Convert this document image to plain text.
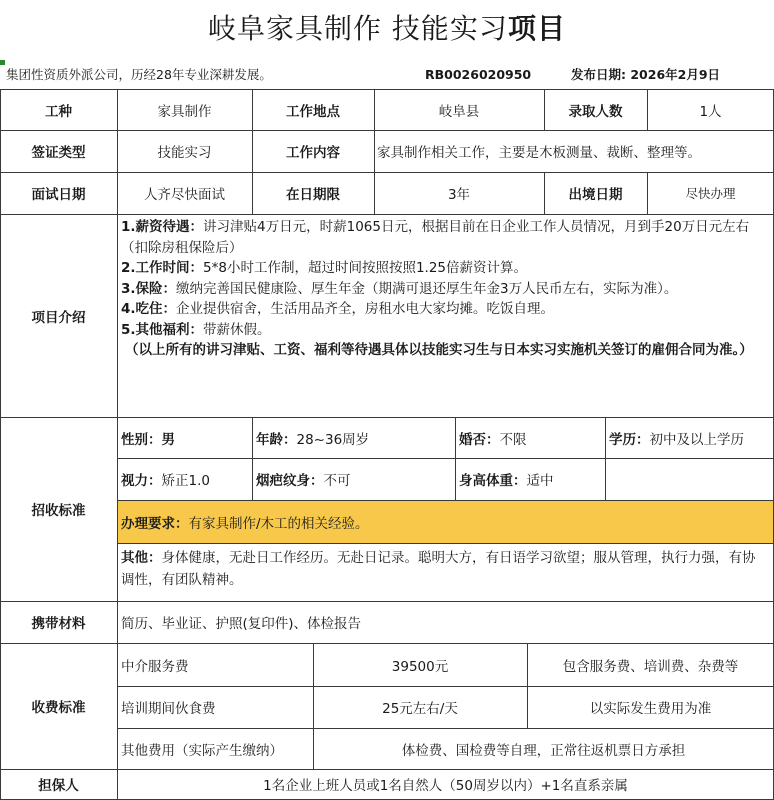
岐阜家具制作 技能实习项目
集团性资质外派公司，历经28年专业深耕发展。	RB0026020950	发布日期: 2026年2月9日
工种	家具制作	工作地点	岐阜县	录取人数	1人
签证类型	技能实习	工作内容	家具制作相关工作，主要是木板测量、裁断、整理等。
面试日期	人齐尽快面试	在日期限	3年	出境日期	尽快办理
项目介绍
1.薪资待遇：讲习津贴4万日元，时薪1065日元，根据目前在日企业工作人员情况，月到手20万日元左右（扣除房租保险后）
2.工作时间：5*8小时工作制，超过时间按照按照1.25倍薪资计算。
3.保险：缴纳完善国民健康险、厚生年金（期满可退还厚生年金3万人民币左右，实际为准）。
4.吃住：企业提供宿舍，生活用品齐全，房租水电大家均摊。吃饭自理。
5.其他福利：带薪休假。
（以上所有的讲习津贴、工资、福利等待遇具体以技能实习生与日本实习实施机关签订的雇佣合同为准。）
招收标准
性别： 男	年龄： 28~36周岁	婚否： 不限	学历： 初中及以上学历
视力： 矫正1.0	烟疤纹身： 不可	身高体重： 适中
办理要求： 有家具制作/木工的相关经验。
其他：身体健康，无赴日工作经历。无赴日记录。聪明大方，有日语学习欲望；服从管理，执行力强，有协调性，有团队精神。
携带材料	简历、毕业证、护照(复印件)、体检报告
收费标准
中介服务费	39500元	包含服务费、培训费、杂费等
培训期间伙食费	25元左右/天	以实际发生费用为准
其他费用（实际产生缴纳）	体检费、国检费等自理，正常往返机票日方承担
担保人	1名企业上班人员或1名自然人（50周岁以内）+1名直系亲属
